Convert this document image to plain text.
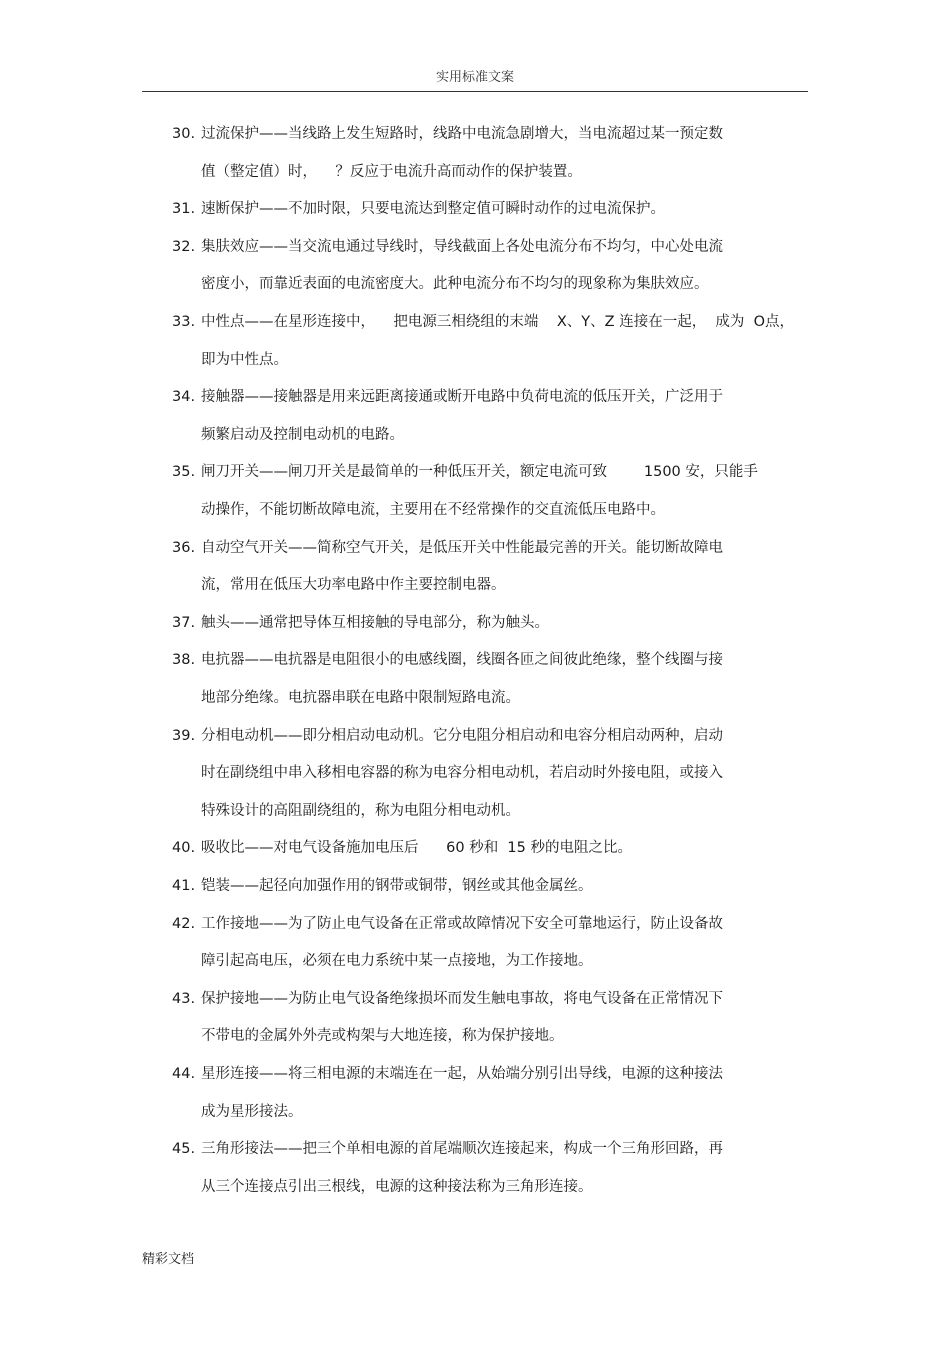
实用标准文案
30. 过流保护——当线路上发生短路时，线路中电流急剧增大，当电流超过某一预定数
值（整定值）时，    ？反应于电流升高而动作的保护装置。
31. 速断保护——不加时限，只要电流达到整定值可瞬时动作的过电流保护。
32. 集肤效应——当交流电通过导线时，导线截面上各处电流分布不均匀，中心处电流
密度小，而靠近表面的电流密度大。此种电流分布不均匀的现象称为集肤效应。
33. 中性点——在星形连接中，    把电源三相绕组的末端    X、Y、Z 连接在一起，  成为  O点，
即为中性点。
34. 接触器——接触器是用来远距离接通或断开电路中负荷电流的低压开关，广泛用于
频繁启动及控制电动机的电路。
35. 闸刀开关——闸刀开关是最简单的一种低压开关，额定电流可致        1500 安，只能手
动操作，不能切断故障电流，主要用在不经常操作的交直流低压电路中。
36. 自动空气开关——简称空气开关，是低压开关中性能最完善的开关。能切断故障电
流，常用在低压大功率电路中作主要控制电器。
37. 触头——通常把导体互相接触的导电部分，称为触头。
38. 电抗器——电抗器是电阻很小的电感线圈，线圈各匝之间彼此绝缘，整个线圈与接
地部分绝缘。电抗器串联在电路中限制短路电流。
39. 分相电动机——即分相启动电动机。它分电阻分相启动和电容分相启动两种，启动
时在副绕组中串入移相电容器的称为电容分相电动机，若启动时外接电阻，或接入
特殊设计的高阻副绕组的，称为电阻分相电动机。
40. 吸收比——对电气设备施加电压后      60 秒和  15 秒的电阻之比。
41. 铠装——起径向加强作用的钢带或铜带，钢丝或其他金属丝。
42. 工作接地——为了防止电气设备在正常或故障情况下安全可靠地运行，防止设备故
障引起高电压，必须在电力系统中某一点接地，为工作接地。
43. 保护接地——为防止电气设备绝缘损坏而发生触电事故，将电气设备在正常情况下
不带电的金属外外壳或构架与大地连接，称为保护接地。
44. 星形连接——将三相电源的末端连在一起，从始端分别引出导线，电源的这种接法
成为星形接法。
45. 三角形接法——把三个单相电源的首尾端顺次连接起来，构成一个三角形回路，再
从三个连接点引出三根线，电源的这种接法称为三角形连接。
精彩文档
